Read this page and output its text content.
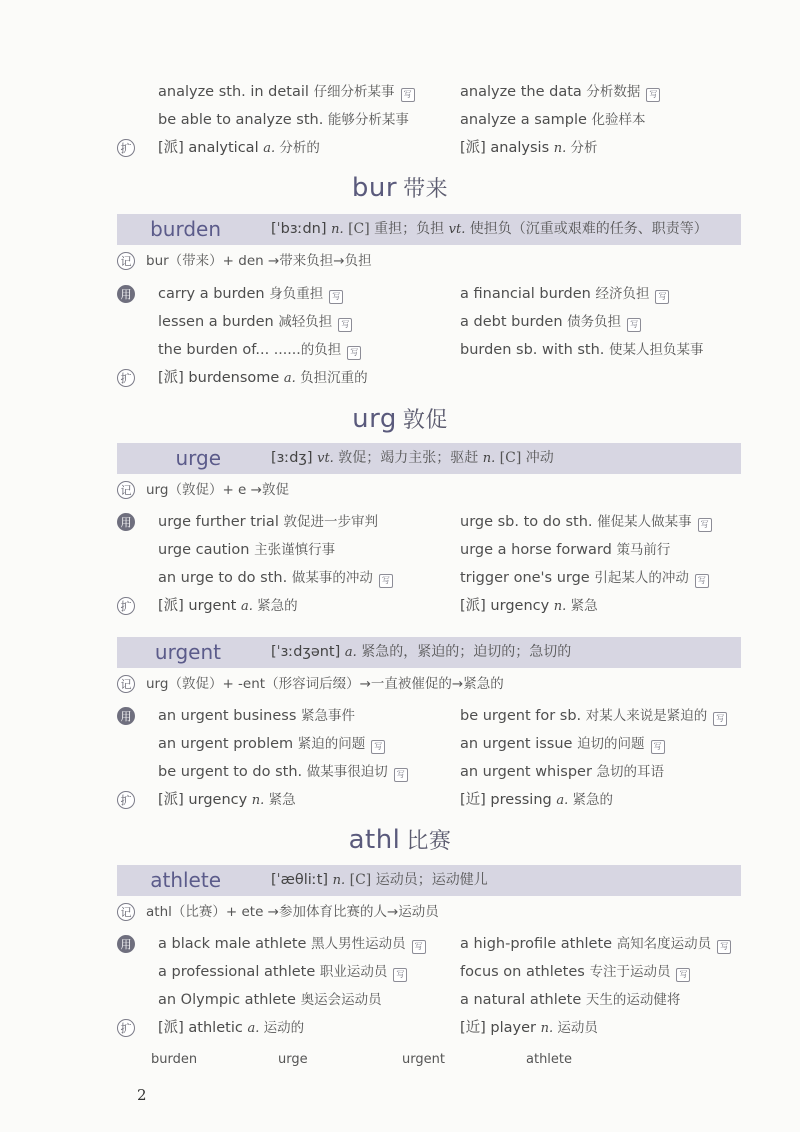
analyze sth. in detail 仔细分析某事 写	analyze the data 分析数据 写
be able to analyze sth. 能够分析某事	analyze a sample 化验样本
扩 [派] analytical a. 分析的	[派] analysis n. 分析
bur 带来
burden	[ˈbɜːdn] n. [C] 重担；负担 vt. 使担负（沉重或艰难的任务、职责等）
记 bur（带来）+ den →带来负担→负担
用 carry a burden 身负重担 写	a financial burden 经济负担 写
lessen a burden 减轻负担 写	a debt burden 债务负担 写
the burden of... ……的负担 写	burden sb. with sth. 使某人担负某事
扩 [派] burdensome a. 负担沉重的
urg 敦促
urge	[ɜːdʒ] vt. 敦促；竭力主张；驱赶 n. [C] 冲动
记 urg（敦促）+ e →敦促
用 urge further trial 敦促进一步审判	urge sb. to do sth. 催促某人做某事 写
urge caution 主张谨慎行事	urge a horse forward 策马前行
an urge to do sth. 做某事的冲动 写	trigger one's urge 引起某人的冲动 写
扩 [派] urgent a. 紧急的	[派] urgency n. 紧急
urgent	[ˈɜːdʒənt] a. 紧急的，紧迫的；迫切的；急切的
记 urg（敦促）+ -ent（形容词后缀）→一直被催促的→紧急的
用 an urgent business 紧急事件	be urgent for sb. 对某人来说是紧迫的 写
an urgent problem 紧迫的问题 写	an urgent issue 迫切的问题 写
be urgent to do sth. 做某事很迫切 写	an urgent whisper 急切的耳语
扩 [派] urgency n. 紧急	[近] pressing a. 紧急的
athl 比赛
athlete	[ˈæθliːt] n. [C] 运动员；运动健儿
记 athl（比赛）+ ete →参加体育比赛的人→运动员
用 a black male athlete 黑人男性运动员 写	a high-profile athlete 高知名度运动员 写
a professional athlete 职业运动员 写	focus on athletes 专注于运动员 写
an Olympic athlete 奥运会运动员	a natural athlete 天生的运动健将
扩 [派] athletic a. 运动的	[近] player n. 运动员
burden	urge	urgent	athlete
2
